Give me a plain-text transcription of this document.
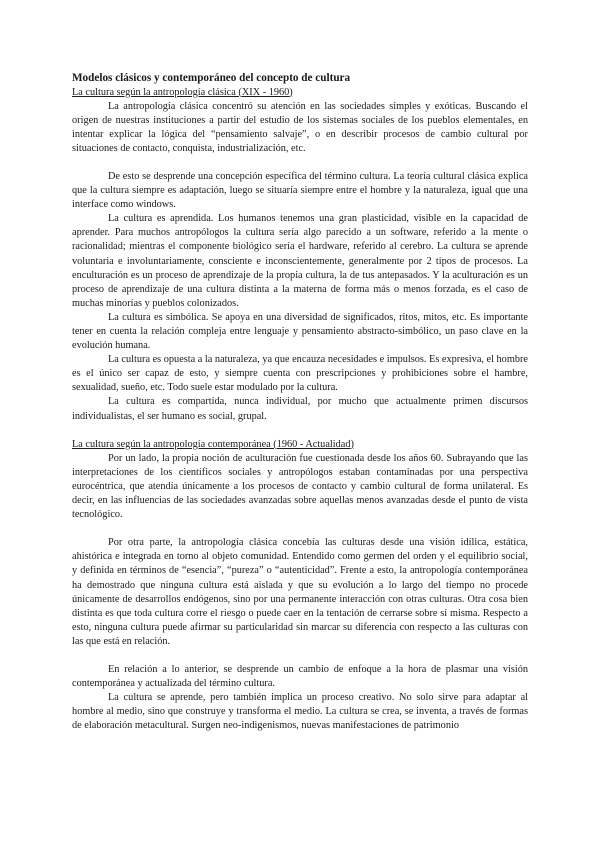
Modelos clásicos y contemporáneo del concepto de cultura

La cultura según la antropología clásica (XIX - 1960)

La antropología clásica concentró su atención en las sociedades simples y exóticas. Buscando el origen de nuestras instituciones a partir del estudio de los sistemas sociales de los pueblos elementales, en intentar explicar la lógica del “pensamiento salvaje”, o en describir procesos de cambio cultural por situaciones de contacto, conquista, industrialización, etc.

De esto se desprende una concepción específica del término cultura. La teoría cultural clásica explica que la cultura siempre es adaptación, luego se situaría siempre entre el hombre y la naturaleza, igual que una interface como windows.

La cultura es aprendida. Los humanos tenemos una gran plasticidad, visible en la capacidad de aprender. Para muchos antropólogos la cultura sería algo parecido a un software, referido a la mente o racionalidad; mientras el componente biológico sería el hardware, referido al cerebro. La cultura se aprende voluntaria e involuntariamente, consciente e inconscientemente, generalmente por 2 tipos de procesos. La enculturación es un proceso de aprendizaje de la propia cultura, la de tus antepasados. Y la aculturación es un proceso de aprendizaje de una cultura distinta a la materna de forma más o menos forzada, es el caso de muchas minorías y pueblos colonizados.

La cultura es simbólica. Se apoya en una diversidad de significados, ritos, mitos, etc. Es importante tener en cuenta la relación compleja entre lenguaje y pensamiento abstracto-simbólico, un paso clave en la evolución humana.

La cultura es opuesta a la naturaleza, ya que encauza necesidades e impulsos. Es expresiva, el hombre es el único ser capaz de esto, y siempre cuenta con prescripciones y prohibiciones sobre el hambre, sexualidad, sueño, etc. Todo suele estar modulado por la cultura.

La cultura es compartida, nunca individual, por mucho que actualmente primen discursos individualistas, el ser humano es social, grupal.

La cultura según la antropología contemporánea (1960 - Actualidad)

Por un lado, la propia noción de aculturación fue cuestionada desde los años 60. Subrayando que las interpretaciones de los científicos sociales y antropólogos estaban contaminadas por una perspectiva eurocéntrica, que atendía únicamente a los procesos de contacto y cambio cultural de forma unilateral. Es decir, en las influencias de las sociedades avanzadas sobre aquellas menos avanzadas desde el punto de vista tecnológico.

Por otra parte, la antropología clásica concebía las culturas desde una visión idílica, estática, ahistórica e integrada en torno al objeto comunidad. Entendido como germen del orden y el equilibrio social, y definida en términos de “esencia”, “pureza” o “autenticidad”. Frente a esto, la antropología contemporánea ha demostrado que ninguna cultura está aislada y que su evolución a lo largo del tiempo no procede únicamente de desarrollos endógenos, sino por una permanente interacción con otras culturas. Otra cosa bien distinta es que toda cultura corre el riesgo o puede caer en la tentación de cerrarse sobre sí misma. Respecto a esto, ninguna cultura puede afirmar su particularidad sin marcar su diferencia con respecto a las culturas con las que está en relación.

En relación a lo anterior, se desprende un cambio de enfoque a la hora de plasmar una visión contemporánea y actualizada del término cultura.

La cultura se aprende, pero también implica un proceso creativo. No solo sirve para adaptar al hombre al medio, sino que construye y transforma el medio. La cultura se crea, se inventa, a través de formas de elaboración metacultural. Surgen neo-indigenismos, nuevas manifestaciones de patrimonio
